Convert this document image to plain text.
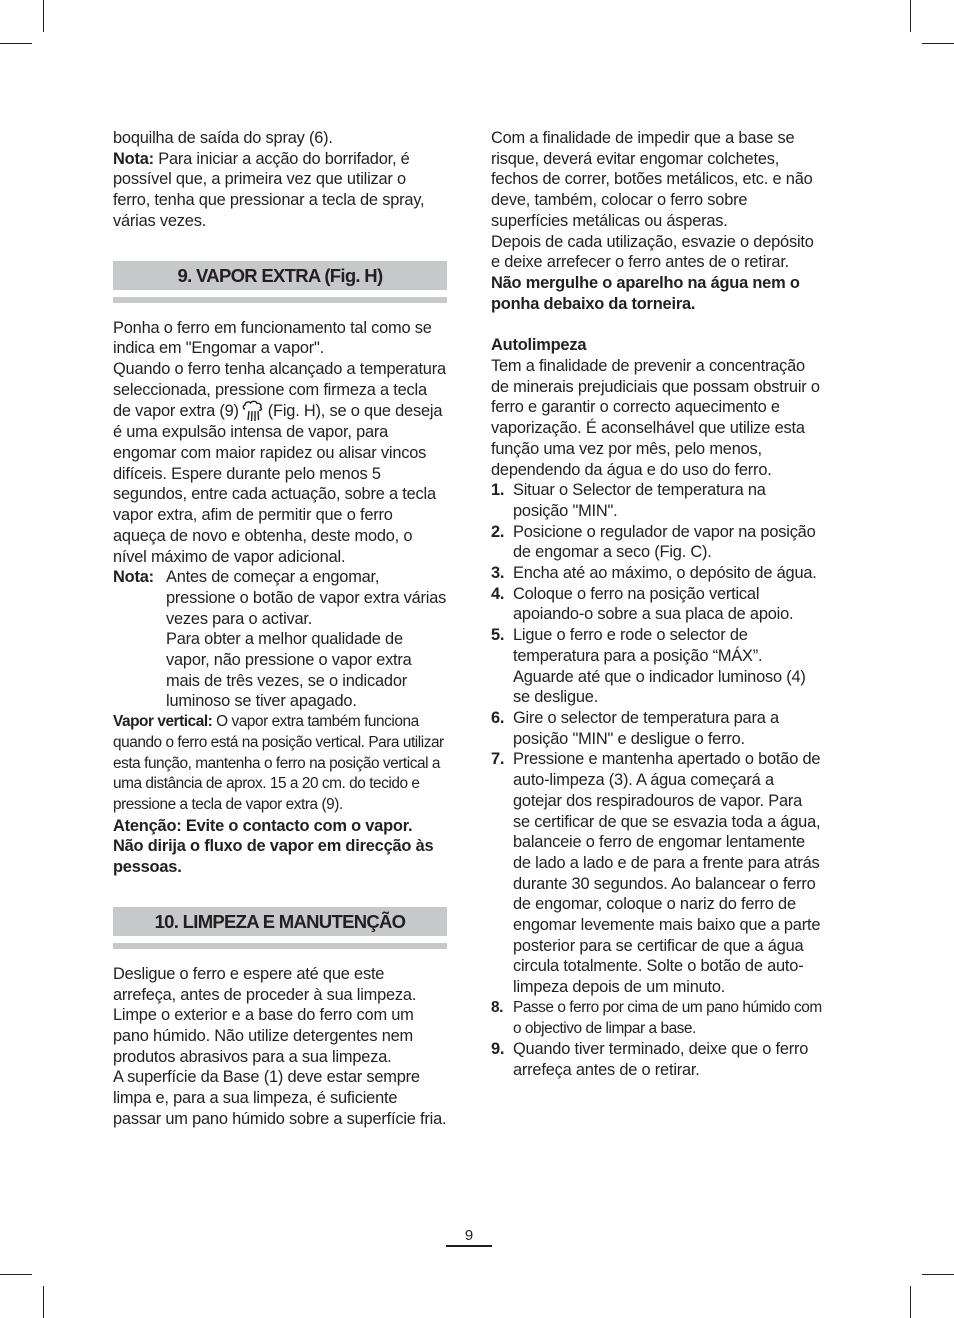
boquilha de saída do spray (6).

Nota: Para iniciar a acção do borrifador, é possível que, a primeira vez que utilizar o ferro, tenha que pressionar a tecla de spray, várias vezes.

9. VAPOR EXTRA (Fig. H)

Ponha o ferro em funcionamento tal como se indica em "Engomar a vapor".

Quando o ferro tenha alcançado a temperatura seleccionada, pressione com firmeza a tecla de vapor extra (9) (Fig. H), se o que deseja é uma expulsão intensa de vapor, para engomar com maior rapidez ou alisar vincos difíceis. Espere durante pelo menos 5 segundos, entre cada actuação, sobre a tecla vapor extra, afim de permitir que o ferro aqueça de novo e obtenha, deste modo, o nível máximo de vapor adicional.

Nota: Antes de começar a engomar, pressione o botão de vapor extra várias vezes para o activar.

Para obter a melhor qualidade de vapor, não pressione o vapor extra mais de três vezes, se o indicador luminoso se tiver apagado.

Vapor vertical: O vapor extra também funciona quando o ferro está na posição vertical. Para utilizar esta função, mantenha o ferro na posição vertical a uma distância de aprox. 15 a 20 cm. do tecido e pressione a tecla de vapor extra (9).

Atenção: Evite o contacto com o vapor. Não dirija o fluxo de vapor em direcção às pessoas.

10. LIMPEZA E MANUTENÇÃO

Desligue o ferro e espere até que este arrefeça, antes de proceder à sua limpeza. Limpe o exterior e a base do ferro com um pano húmido. Não utilize detergentes nem produtos abrasivos para a sua limpeza.

A superfície da Base (1) deve estar sempre limpa e, para a sua limpeza, é suficiente passar um pano húmido sobre a superfície fria.

Com a finalidade de impedir que a base se risque, deverá evitar engomar colchetes, fechos de correr, botões metálicos, etc. e não deve, também, colocar o ferro sobre superfícies metálicas ou ásperas.

Depois de cada utilização, esvazie o depósito e deixe arrefecer o ferro antes de o retirar.

Não mergulhe o aparelho na água nem o ponha debaixo da torneira.

Autolimpeza

Tem a finalidade de prevenir a concentração de minerais prejudiciais que possam obstruir o ferro e garantir o correcto aquecimento e vaporização. É aconselhável que utilize esta função uma vez por mês, pelo menos, dependendo da água e do uso do ferro.

1. Situar o Selector de temperatura na posição "MIN".
2. Posicione o regulador de vapor na posição de engomar a seco (Fig. C).
3. Encha até ao máximo, o depósito de água.
4. Coloque o ferro na posição vertical apoiando-o sobre a sua placa de apoio.
5. Ligue o ferro e rode o selector de temperatura para a posição “MÁX”. Aguarde até que o indicador luminoso (4) se desligue.
6. Gire o selector de temperatura para a posição "MIN" e desligue o ferro.
7. Pressione e mantenha apertado o botão de auto-limpeza (3). A água começará a gotejar dos respiradouros de vapor. Para se certificar de que se esvazia toda a água, balanceie o ferro de engomar lentamente de lado a lado e de para a frente para atrás durante 30 segundos. Ao balancear o ferro de engomar, coloque o nariz do ferro de engomar levemente mais baixo que a parte posterior para se certificar de que a água circula totalmente. Solte o botão de auto-limpeza depois de um minuto.
8. Passe o ferro por cima de um pano húmido com o objectivo de limpar a base.
9. Quando tiver terminado, deixe que o ferro arrefeça antes de o retirar.
9
